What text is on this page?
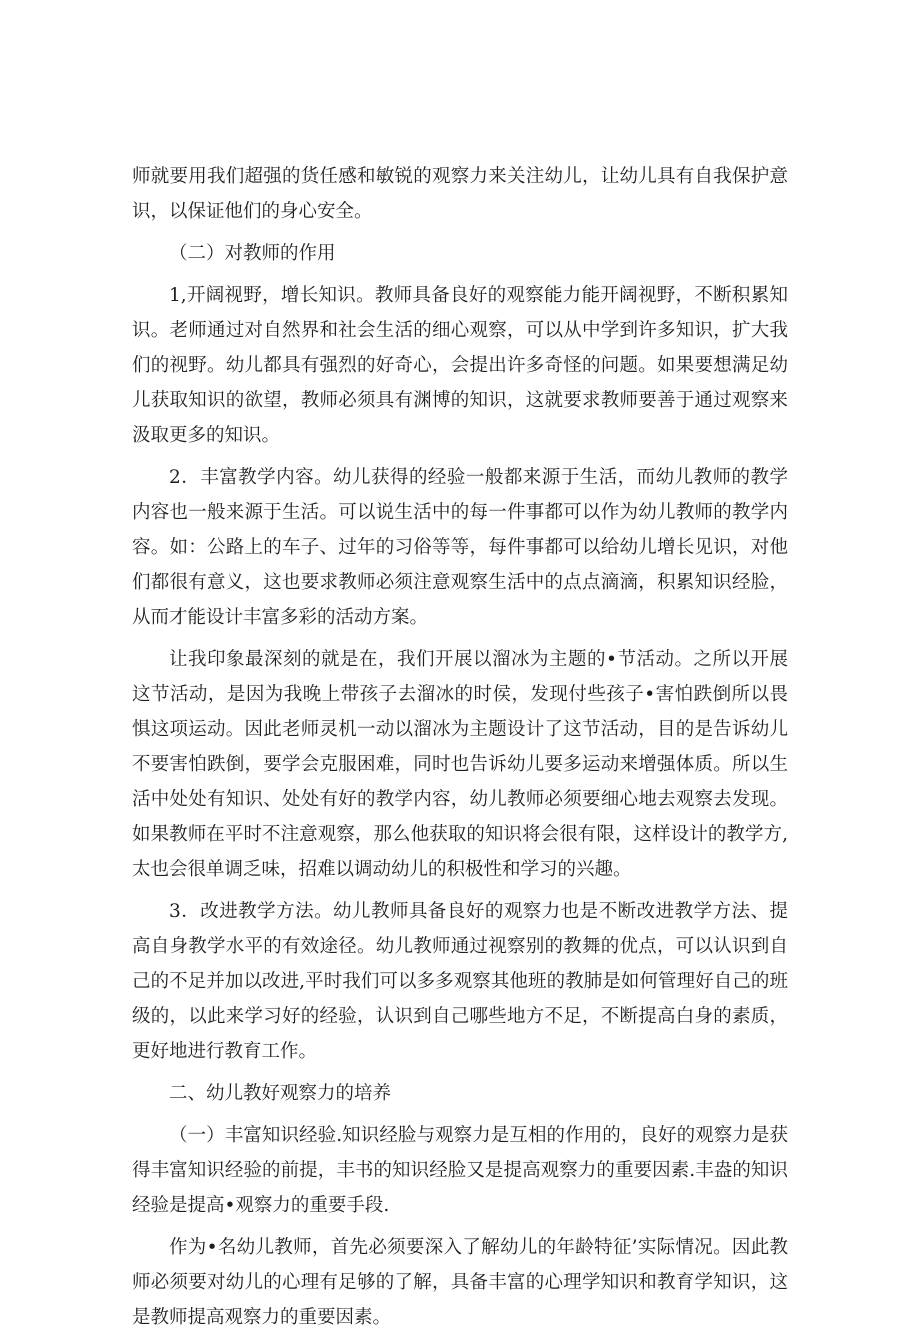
师就要用我们超强的货任感和敏锐的观察力来关注幼儿，让幼儿具有自我保护意识，以保证他们的身心安全。

（二）对教师的作用

1,开阔视野，增长知识。教师具备良好的观察能力能开阔视野，不断积累知识。老师通过对自然界和社会生活的细心观察，可以从中学到许多知识，扩大我们的视野。幼儿都具有强烈的好奇心，会提出许多奇怪的问题。如果要想满足幼儿获取知识的欲望，教师必须具有渊博的知识，这就要求教师要善于通过观察来汲取更多的知识。

2．丰富教学内容。幼儿获得的经验一般都来源于生活，而幼儿教师的教学内容也一般来源于生活。可以说生活中的每一件事都可以作为幼儿教师的教学内容。如：公路上的车子、过年的习俗等等，每件事都可以给幼儿增长见识，对他们都很有意义，这也要求教师必须注意观察生活中的点点滴滴，积累知识经脸，从而才能设计丰富多彩的活动方案。

让我印象最深刻的就是在，我们开展以溜冰为主题的•节活动。之所以开展这节活动，是因为我晚上带孩子去溜冰的时侯，发现付些孩子•害怕跌倒所以畏惧这项运动。因此老师灵机一动以溜冰为主题设计了这节活动，目的是告诉幼儿不要害怕跌倒，要学会克服困难，同时也告诉幼儿要多运动来增强体质。所以生活中处处有知识、处处有好的教学内容，幼儿教师必须要细心地去观察去发现。如果教师在平时不注意观察，那么他获取的知识将会很有限，这样设计的教学方,太也会很单调乏味，招难以调动幼儿的积极性和学习的兴趣。

3．改进教学方法。幼儿教师具备良好的观察力也是不断改进教学方法、提高自身教学水平的有效途径。幼儿教师通过视察别的教舞的优点，可以认识到自己的不足并加以改进,平时我们可以多多观察其他班的教肺是如何管理好自己的班级的，以此来学习好的经验，认识到自己哪些地方不足，不断提高白身的素质，更好地进行教育工作。

二、幼儿教好观察力的培养

（一）丰富知识经验.知识经脸与观察力是互相的作用的，良好的观察力是获得丰富知识经验的前提，丰书的知识经脸又是提高观察力的重要因素.丰盎的知识经验是提高•观察力的重要手段.

作为•名幼儿教师，首先必须要深入了解幼儿的年龄特征’实际情况。因此教师必须要对幼儿的心理有足够的了解，具备丰富的心理学知识和教育学知识，这是教师提高观察力的重要因素。
